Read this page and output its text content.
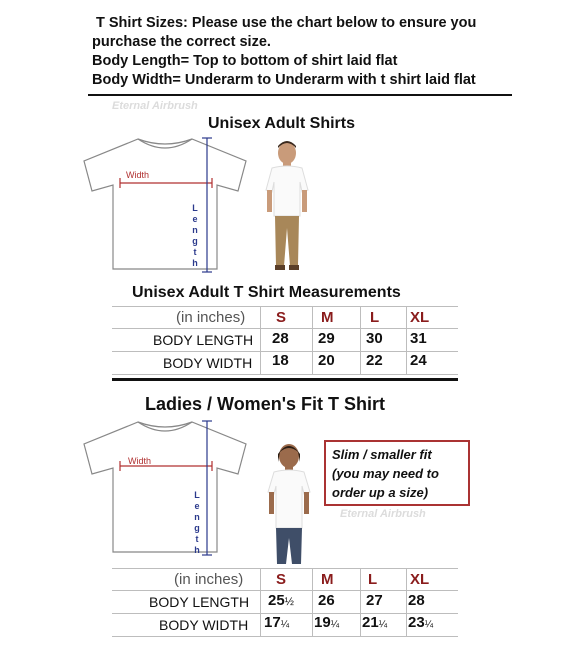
T Shirt Sizes: Please use the chart below to ensure you
purchase the correct size.
Body Length= Top to bottom of shirt laid flat
Body Width= Underarm to Underarm with t shirt laid flat
Eternal Airbrush
Unisex Adult Shirts
Width
L
e
n
g
t
h
Unisex Adult T Shirt Measurements
(in inches) S M L XL
BODY LENGTH 28 29 30 31
BODY WIDTH 18 20 22 24
Ladies / Women's Fit T Shirt
Width
L
e
n
g
t
h
Slim / smaller fit
(you may need to
order up a size)
Eternal Airbrush
(in inches) S M L XL
BODY LENGTH 25½ 26 27 28
BODY WIDTH 17¼ 19¼ 21¼ 23¼
